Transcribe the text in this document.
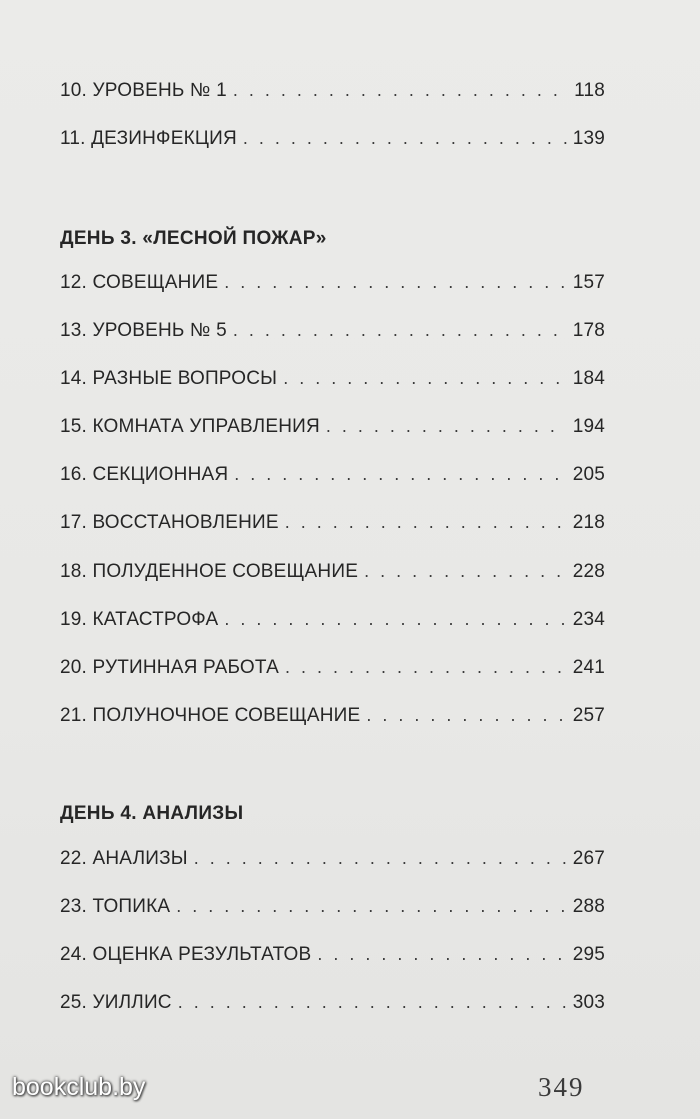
10. УРОВЕНЬ № 1 . . .	118
11. ДЕЗИНФЕКЦИЯ . . .	139
ДЕНЬ 3. «ЛЕСНОЙ ПОЖАР»
12. СОВЕЩАНИЕ . . .	157
13. УРОВЕНЬ № 5 . . .	178
14. РАЗНЫЕ ВОПРОСЫ . . .	184
15. КОМНАТА УПРАВЛЕНИЯ . . .	194
16. СЕКЦИОННАЯ . . .	205
17. ВОССТАНОВЛЕНИЕ . . .	218
18. ПОЛУДЕННОЕ СОВЕЩАНИЕ . . .	228
19. КАТАСТРОФА . . .	234
20. РУТИННАЯ РАБОТА . . .	241
21. ПОЛУНОЧНОЕ СОВЕЩАНИЕ . . .	257
ДЕНЬ 4. АНАЛИЗЫ
22. АНАЛИЗЫ . . .	267
23. ТОПИКА . . .	288
24. ОЦЕНКА РЕЗУЛЬТАТОВ . . .	295
25. УИЛЛИС . . .	303
349
bookclub.by
